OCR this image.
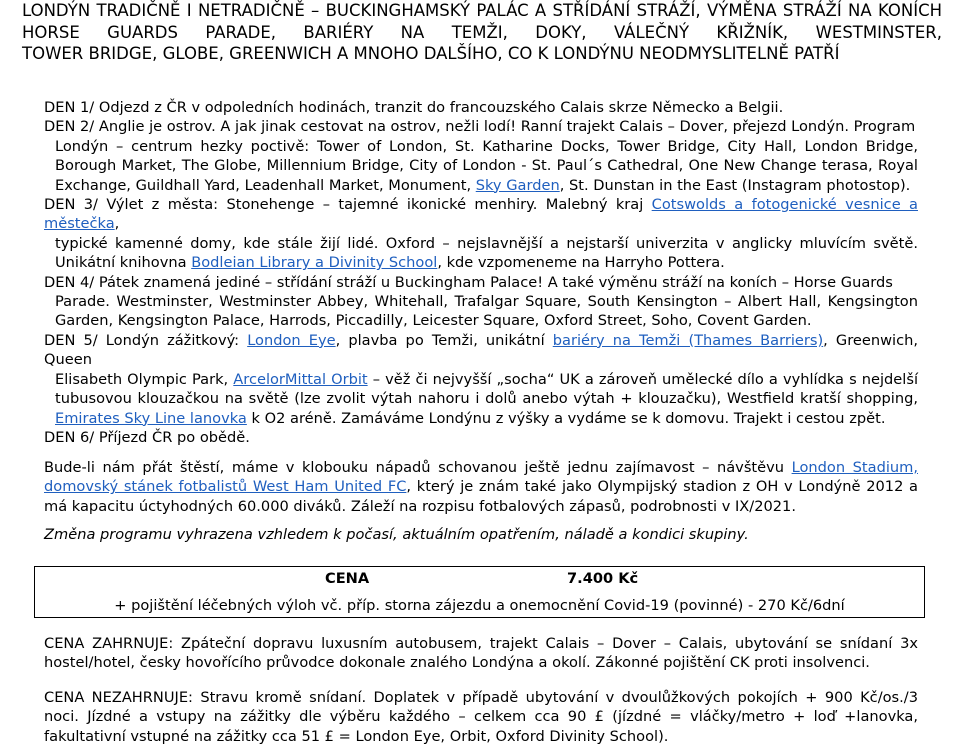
LONDÝN TRADIČNĚ I NETRADIČNĚ – BUCKINGHAMSKÝ PALÁC A STŘÍDÁNÍ STRÁŽÍ, VÝMĚNA STRÁŽÍ NA KONÍCH
HORSE GUARDS PARADE, BARIÉRY NA TEMŽI, DOKY, VÁLEČNÝ KŘIŽNÍK, WESTMINSTER,
TOWER BRIDGE, GLOBE, GREENWICH A MNOHO DALŠÍHO, CO K LONDÝNU NEODMYSLITELNĚ PATŘÍ
DEN 1/ Odjezd z ČR v odpoledních hodinách, tranzit do francouzského Calais skrze Německo a Belgii.
DEN 2/ Anglie je ostrov. A jak jinak cestovat na ostrov, nežli lodí! Ranní trajekt Calais – Dover, přejezd Londýn. Program
Londýn – centrum hezky poctivě: Tower of London, St. Katharine Docks, Tower Bridge, City Hall, London Bridge, Borough Market, The Globe, Millennium Bridge, City of London - St. Paul´s Cathedral, One New Change terasa, Royal Exchange, Guildhall Yard, Leadenhall Market, Monument, Sky Garden, St. Dunstan in the East (Instagram photostop).
DEN 3/ Výlet z města: Stonehenge – tajemné ikonické menhiry. Malebný kraj Cotswolds a fotogenické vesnice a městečka,
typické kamenné domy, kde stále žijí lidé. Oxford – nejslavnější a nejstarší univerzita v anglicky mluvícím světě. Unikátní knihovna Bodleian Library a Divinity School, kde vzpomeneme na Harryho Pottera.
DEN 4/ Pátek znamená jediné – střídání stráží u Buckingham Palace! A také výměnu stráží na koních – Horse Guards
Parade. Westminster, Westminster Abbey, Whitehall, Trafalgar Square, South Kensington – Albert Hall, Kengsington Garden, Kengsington Palace, Harrods, Piccadilly, Leicester Square, Oxford Street, Soho, Covent Garden.
DEN 5/ Londýn zážitkový: London Eye, plavba po Temži, unikátní bariéry na Temži (Thames Barriers), Greenwich, Queen
Elisabeth Olympic Park, ArcelorMittal Orbit – věž či nejvyšší „socha“ UK a zároveň umělecké dílo a vyhlídka s nejdelší tubusovou klouzačkou na světě (lze zvolit výtah nahoru i dolů anebo výtah + klouzačku), Westfield kratší shopping, Emirates Sky Line lanovka k O2 aréně. Zamáváme Londýnu z výšky a vydáme se k domovu. Trajekt i cestou zpět.
DEN 6/ Příjezd ČR po obědě.
Bude-li nám přát štěstí, máme v klobouku nápadů schovanou ještě jednu zajímavost – návštěvu London Stadium, domovský stánek fotbalistů West Ham United FC, který je znám také jako Olympijský stadion z OH v Londýně 2012 a má kapacitu úctyhodných 60.000 diváků. Záleží na rozpisu fotbalových zápasů, podrobnosti v IX/2021.
Změna programu vyhrazena vzhledem k počasí, aktuálním opatřením, náladě a kondici skupiny.
CENA	7.400 Kč
+ pojištění léčebných výloh vč. příp. storna zájezdu a onemocnění Covid-19 (povinné) - 270 Kč/6dní
CENA ZAHRNUJE: Zpáteční dopravu luxusním autobusem, trajekt Calais – Dover – Calais, ubytování se snídaní 3x hostel/hotel, česky hovořícího průvodce dokonale znalého Londýna a okolí. Zákonné pojištění CK proti insolvenci.
CENA NEZAHRNUJE: Stravu kromě snídaní. Doplatek v případě ubytování v dvoulůžkových pokojích + 900 Kč/os./3 noci. Jízdné a vstupy na zážitky dle výběru každého – celkem cca 90 £ (jízdné = vláčky/metro + loď +lanovka, fakultativní vstupné na zážitky cca 51 £ = London Eye, Orbit, Oxford Divinity School).
